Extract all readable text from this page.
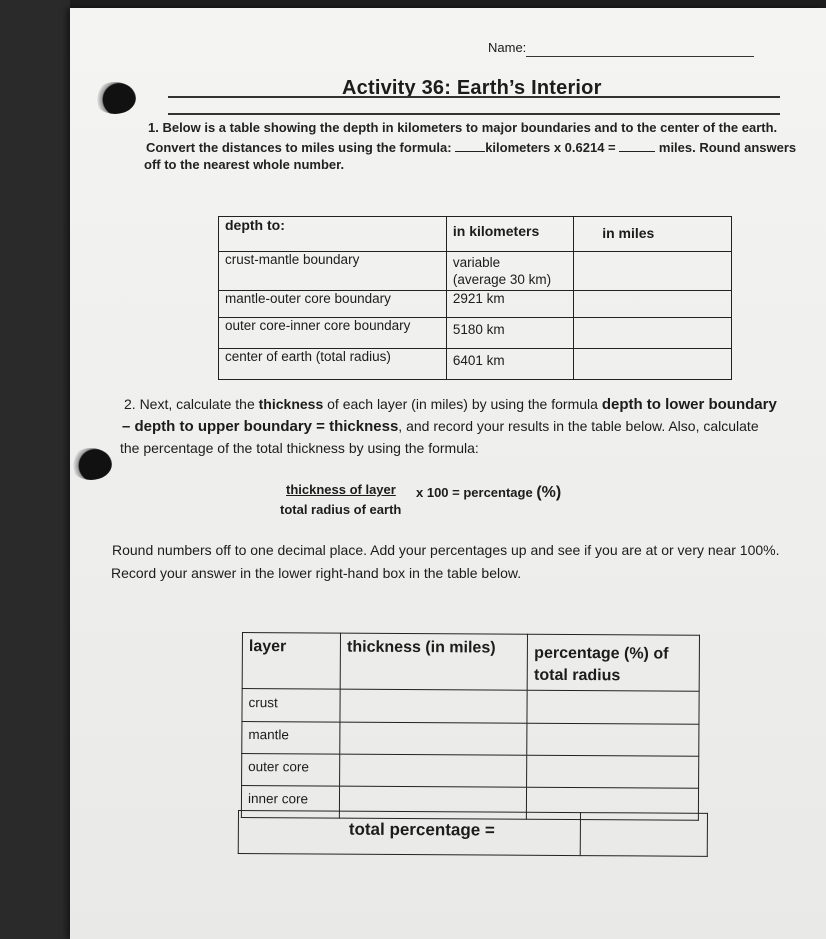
Name:
Activity 36: Earth’s Interior
1. Below is a table showing the depth in kilometers to major boundaries and to the center of the earth.
Convert the distances to miles using the formula:	kilometers x 0.6214 =	miles. Round answers
off to the nearest whole number.
depth to:	in kilometers	in miles
crust-mantle boundary	variable
(average 30 km)	

mantle-outer core boundary	2921 km	
outer core-inner core boundary	5180 km	
center of earth (total radius)	6401 km	
2. Next, calculate the thickness of each layer (in miles) by using the formula depth to lower boundary
– depth to upper boundary = thickness, and record your results in the table below. Also, calculate
the percentage of the total thickness by using the formula:
thickness of layer x 100 = percentage (%)
total radius of earth
Round numbers off to one decimal place. Add your percentages up and see if you are at or very near 100%.
Record your answer in the lower right-hand box in the table below.
layer	thickness (in miles)	percentage (%) of
total radius

crust		
mantle		
outer core		
inner core		
total percentage =	
